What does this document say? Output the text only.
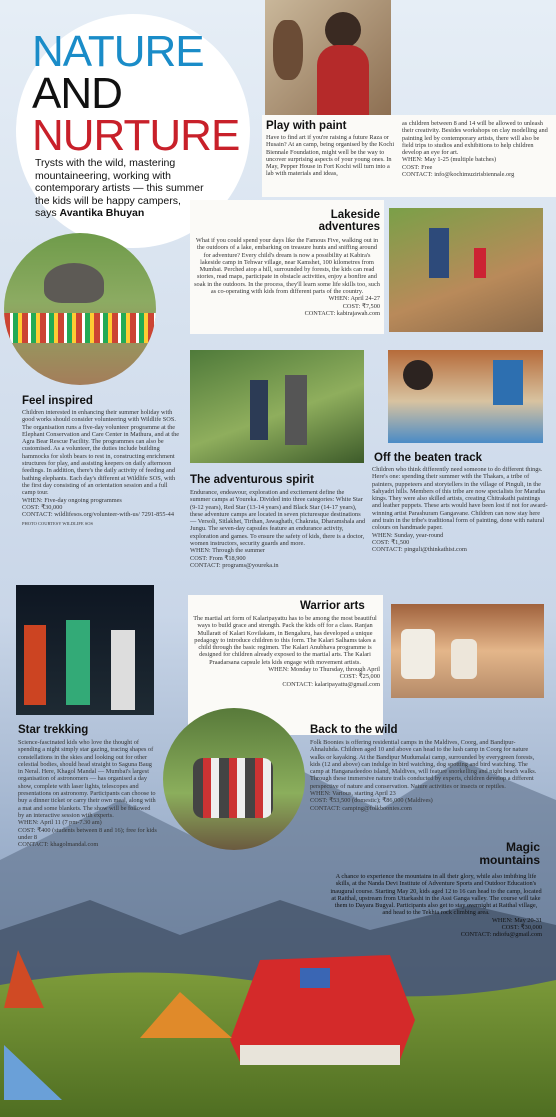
NATURE
AND
NURTURE
Trysts with the wild, mastering mountaineering, working with contemporary artists — this summer the kids will be happy campers, says Avantika Bhuyan
Play with paint
Have to find art if you're raising a future Raza or Husain? At an camp, being organised by the Kochi Biennale Foundation, might well be the way to uncover surprising aspects of your young ones. In May, Pepper House in Fort Kochi will turn into a lab with materials and ideas,
as children between 8 and 14 will be allowed to unleash their creativity. Besides workshops on clay modelling and painting led by contemporary artists, there will also be field trips to studios and exhibitions to help children develop an eye for art.
WHEN: May 1-25 (multiple batches)
COST: Free
CONTACT: info@kochimuzirisbiennale.org
Lakeside adventures
What if you could spend your days like the Famous Five, walking out in the outdoors of a lake, embarking on treasure hunts and sniffing around for adventure? Every child's dream is now a possibility at Kabira's lakeside camp in Tehwar village, near Kamshet, 100 kilometres from Mumbai. Perched atop a hill, surrounded by forests, the kids can read stories, read maps, participate in obstacle activities, enjoy a bonfire and soak in the outdoors. In the process, they'll learn some life skills too, such as co-operating with kids from different parts of the country.
WHEN: April 24-27
COST: ₹7,500
CONTACT: kabirajawah.com
Feel inspired
Children interested in enhancing their summer holiday with good works should consider volunteering with Wildlife SOS. The organisation runs a five-day volunteer programme at the Elephant Conservation and Care Center in Mathura, and at the Agra Bear Rescue Facility. The programmes can also be customised. As a volunteer, the duties include building hammocks for sloth bears to rest in, constructing enrichment structures for play, and assisting keepers on daily afternoon feedings. In addition, there's the daily activity of feeding and bathing elephants. Each day's different at Wildlife SOS, with the first day consisting of an orientation session and a full camp tour.
WHEN: Five-day ongoing programmes
COST: ₹30,000
CONTACT: wildlifesos.org/volunteer-with-us/ 7291-855-44
PHOTO COURTESY WILDLIFE SOS
The adventurous spirit
Endurance, endeavour, exploration and excitement define the summer camps at Youreka. Divided into three categories: White Star (9-12 years), Red Star (13-14 years) and Black Star (14-17 years), these adventure camps are located in seven picturesque destinations — Versoli, Sitlakhet, Tirthan, Jawaghath, Chakrata, Dharamshala and Jungu. The seven-day capsules feature an endurance activity, exploration and games. To ensure the safety of kids, there is a doctor, women instructors, security guards and more.
WHEN: Through the summer
COST: From ₹18,900
CONTACT: programs@youreka.in
Off the beaten track
Children who think differently need someone to do different things. Here's one: spending their summer with the Thakars, a tribe of painters, puppeteers and storytellers in the village of Pinguli, in the Sahyadri hills. Members of this tribe are now specialists for Maratha kings. They were also skilled artists, creating Chitrakathi paintings and leather puppets. These arts would have been lost if not for award-winning artist Parashuram Gangavane. Children can now stay here and train in the tribe's traditional form of painting, done with natural colours on handmade paper.
WHEN: Sunday, year-round
COST: ₹1,500
CONTACT: pinguli@thinkathist.com
Warrior arts
The martial art form of Kalaripayattu has to be among the most beautiful ways to build grace and strength. Pack the kids off for a class. Ranjan Mullaratt of Kalari Kovilakam, in Bengaluru, has developed a unique pedagogy to introduce children to this form. The Kalari Salhams takes a child through the basic regimen. The Kalari Anubhava programme is designed for children already exposed to the martial arts. The Kalari Praadarsana capsule lets kids engage with movement artists.
WHEN: Monday to Thursday, through April
COST: ₹25,000
CONTACT: kalaripayattu@gmail.com
Star trekking
Science-fascinated kids who love the thought of spending a night simply star gazing, tracing shapes of constellations in the skies and looking out for other celestial bodies, should head straight to Saguna Baug in Neral. Here, Khagol Mandal — Mumbai's largest organisation of astronomers — has organised a day show, complete with laser lights, telescopes and presentations on astronomy. Participants can choose to buy a dinner ticket or carry their own meal, along with a mat and some blankets. The show will be followed by an interactive session with experts.
WHEN: April 11 (7 pm-7.30 am)
COST: ₹400 (students between 8 and 16); free for kids under 8
CONTACT: khagolmandal.com
Back to the wild
Folk Boonies is offering residential camps in the Maldives, Coorg, and Bandipur-Ahnaluhda. Children aged 10 and above can head to the lush camp in Coorg for nature walks or kayaking. At the Bandipur Mudumalai camp, surrounded by everygreen forests, kids (12 and above) can indulge in bird watching, dog spotting and bird watching. The camp at Hanganadeedoo island, Maldives, will feature snorkelling and night beach walks. Through these immersive nature trails conducted by experts, children develop a different perspective of nature and conservation. Nature activities or insects or reptiles.
WHEN: Various, starting April 23
COST: ₹53,500 (domestic); ₹86,000 (Maldives)
CONTACT: camping@folkboonies.com
Magic
mountains
A chance to experience the mountains in all their glory, while also imbibing life skills, at the Nanda Devi Institute of Adventure Sports and Outdoor Education's inaugural course. Starting May 20, kids aged 12 to 16 can head to the camp, located at Raithal, upstream from Uttarkashi in the Assi Ganga valley. The course will take them to Dayara Bugyal. Participants also get to stay overnight at Raithal village, and head to the Tekhia rock climbing area.
WHEN: May 20-31
COST: ₹30,000
CONTACT: ndiofu@gmail.com
